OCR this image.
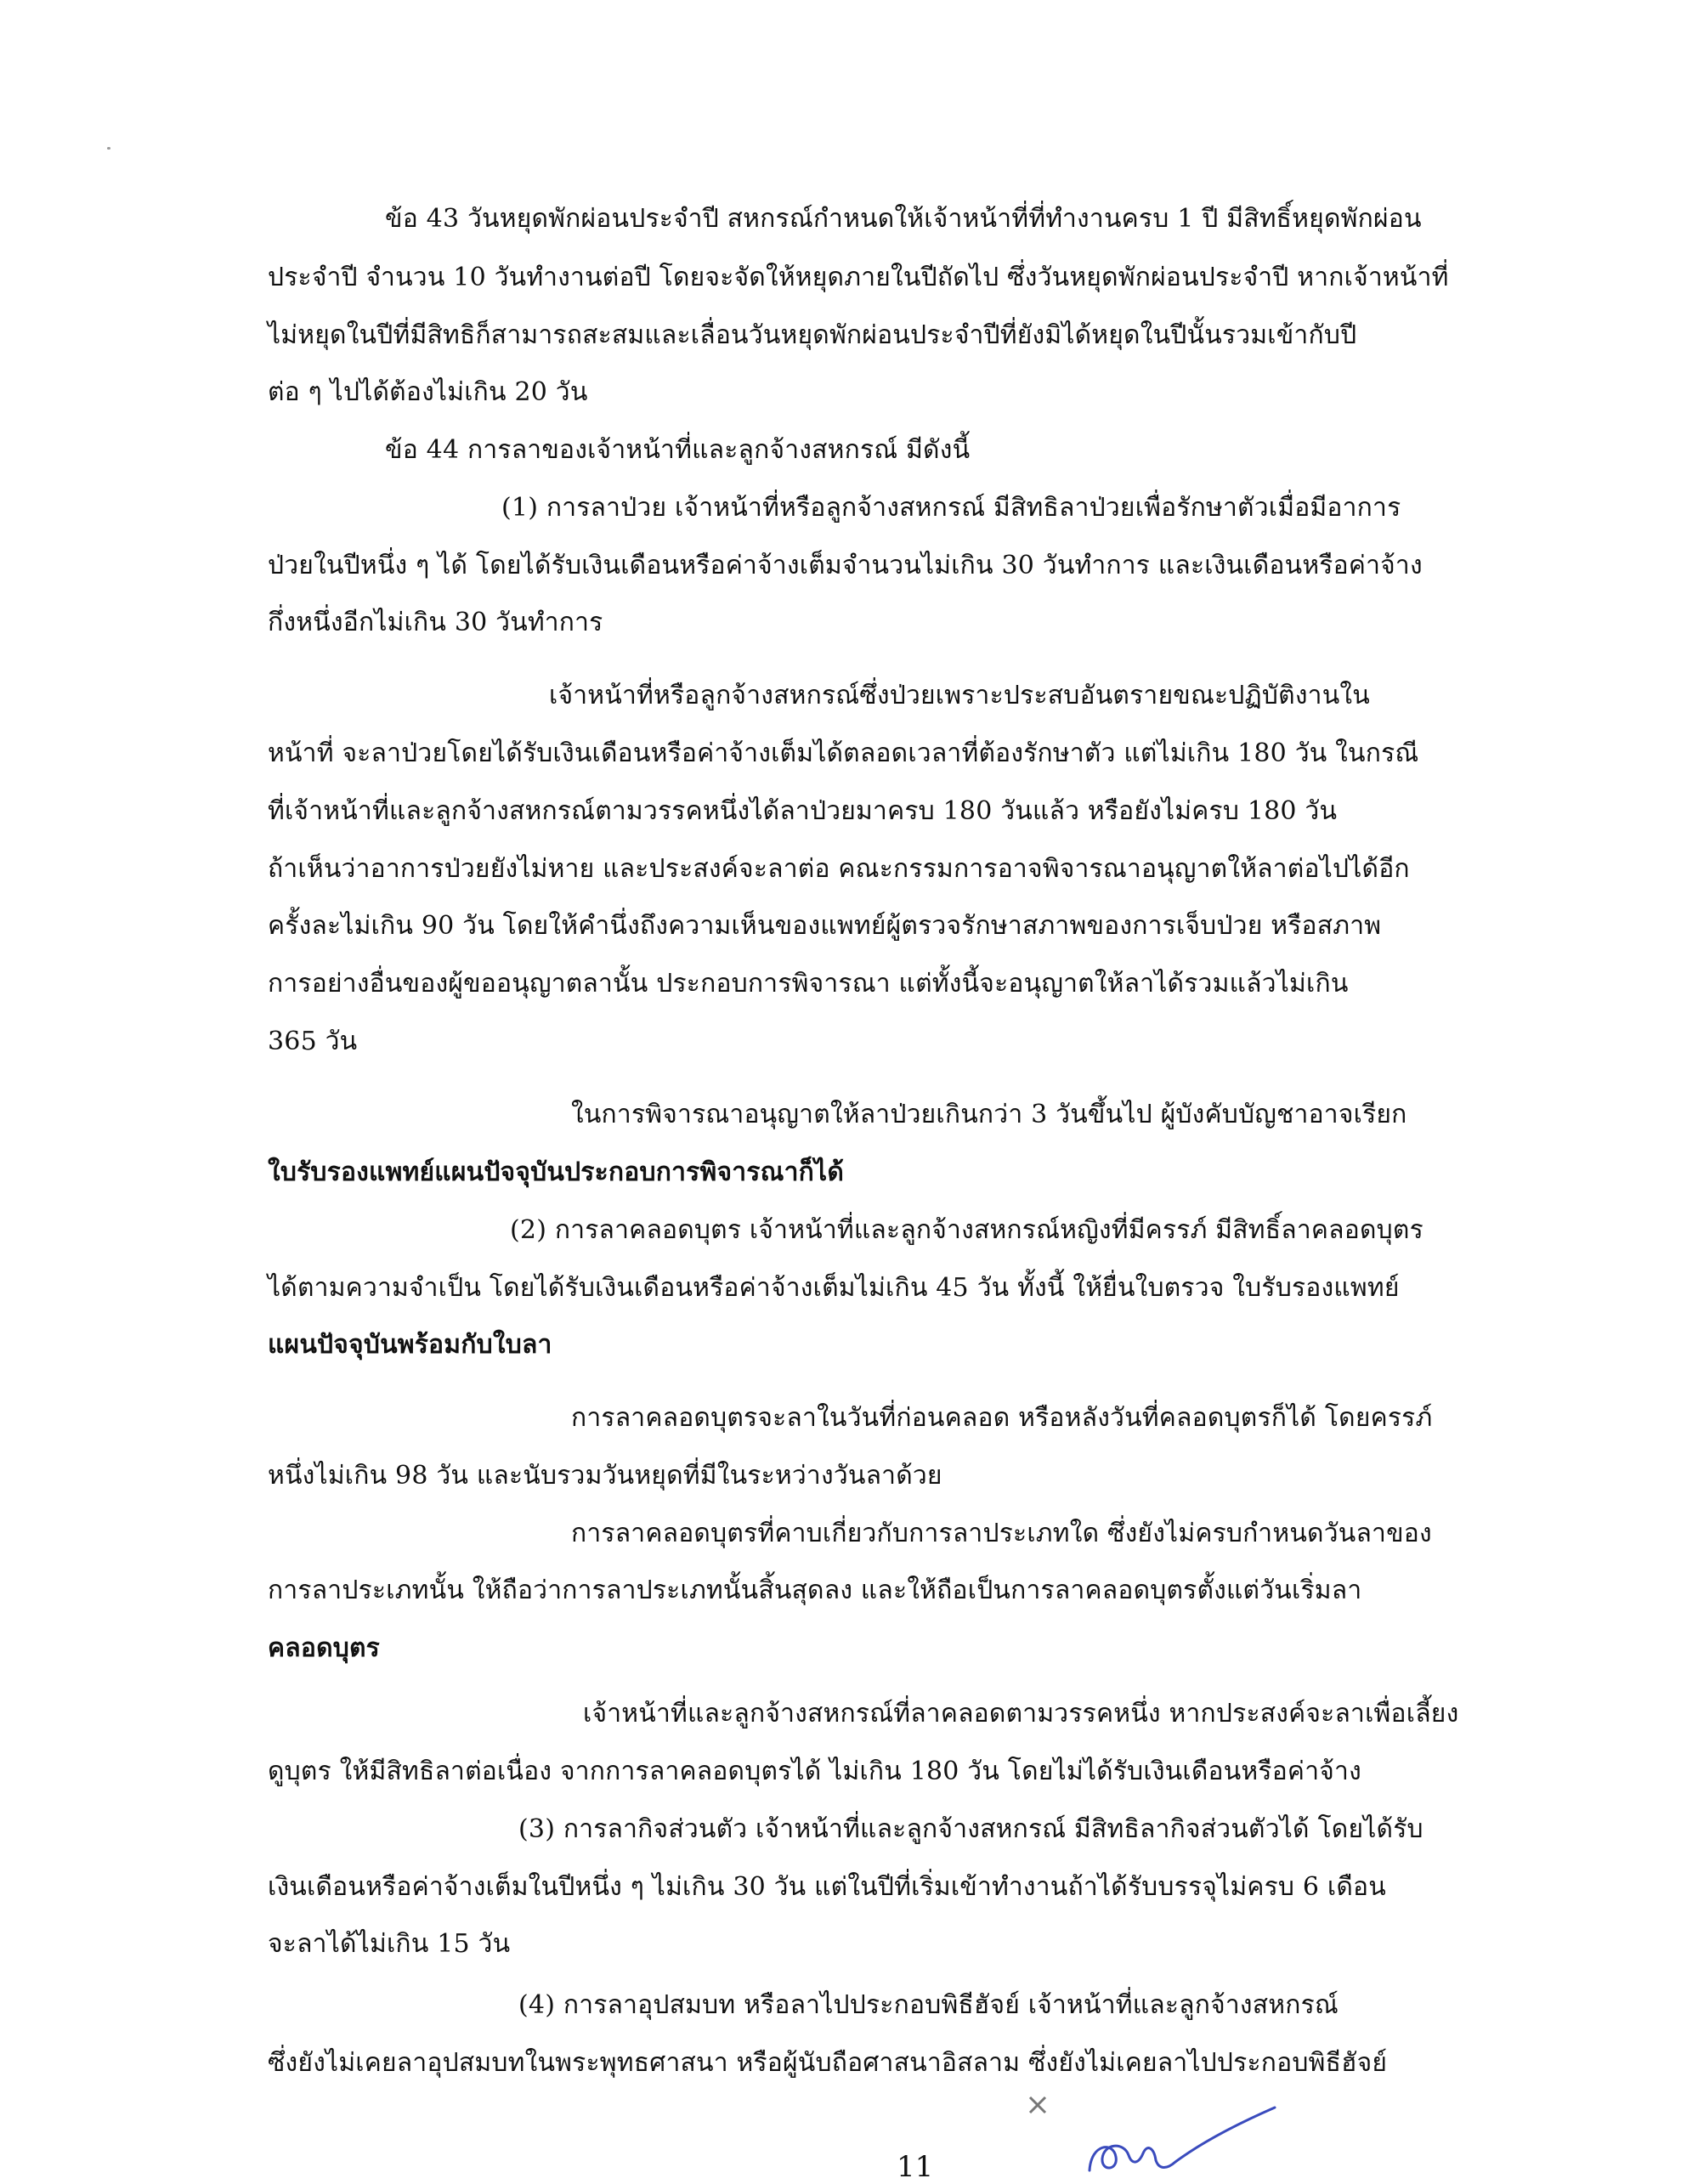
ข้อ 43 วันหยุดพักผ่อนประจำปี สหกรณ์กำหนดให้เจ้าหน้าที่ที่ทำงานครบ 1 ปี มีสิทธิ์หยุดพักผ่อน
ประจำปี จำนวน 10 วันทำงานต่อปี โดยจะจัดให้หยุดภายในปีถัดไป ซึ่งวันหยุดพักผ่อนประจำปี หากเจ้าหน้าที่
ไม่หยุดในปีที่มีสิทธิก็สามารถสะสมและเลื่อนวันหยุดพักผ่อนประจำปีที่ยังมิได้หยุดในปีนั้นรวมเข้ากับปี
ต่อ ๆ ไปได้ต้องไม่เกิน 20 วัน
ข้อ 44 การลาของเจ้าหน้าที่และลูกจ้างสหกรณ์ มีดังนี้
(1) การลาป่วย เจ้าหน้าที่หรือลูกจ้างสหกรณ์ มีสิทธิลาป่วยเพื่อรักษาตัวเมื่อมีอาการ
ป่วยในปีหนึ่ง ๆ ได้ โดยได้รับเงินเดือนหรือค่าจ้างเต็มจำนวนไม่เกิน 30 วันทำการ และเงินเดือนหรือค่าจ้าง
กึ่งหนึ่งอีกไม่เกิน 30 วันทำการ
เจ้าหน้าที่หรือลูกจ้างสหกรณ์ซึ่งป่วยเพราะประสบอันตรายขณะปฏิบัติงานใน
หน้าที่ จะลาป่วยโดยได้รับเงินเดือนหรือค่าจ้างเต็มได้ตลอดเวลาที่ต้องรักษาตัว แต่ไม่เกิน 180 วัน ในกรณี
ที่เจ้าหน้าที่และลูกจ้างสหกรณ์ตามวรรคหนึ่งได้ลาป่วยมาครบ 180 วันแล้ว หรือยังไม่ครบ 180 วัน
ถ้าเห็นว่าอาการป่วยยังไม่หาย และประสงค์จะลาต่อ คณะกรรมการอาจพิจารณาอนุญาตให้ลาต่อไปได้อีก
ครั้งละไม่เกิน 90 วัน โดยให้คำนึ่งถึงความเห็นของแพทย์ผู้ตรวจรักษาสภาพของการเจ็บป่วย หรือสภาพ
การอย่างอื่นของผู้ขออนุญาตลานั้น ประกอบการพิจารณา แต่ทั้งนี้จะอนุญาตให้ลาได้รวมแล้วไม่เกิน
365 วัน
ในการพิจารณาอนุญาตให้ลาป่วยเกินกว่า 3 วันขึ้นไป ผู้บังคับบัญชาอาจเรียก
ใบรับรองแพทย์แผนปัจจุบันประกอบการพิจารณาก็ได้
(2) การลาคลอดบุตร เจ้าหน้าที่และลูกจ้างสหกรณ์หญิงที่มีครรภ์ มีสิทธิ์ลาคลอดบุตร
ได้ตามความจำเป็น โดยได้รับเงินเดือนหรือค่าจ้างเต็มไม่เกิน 45 วัน ทั้งนี้ ให้ยื่นใบตรวจ ใบรับรองแพทย์
แผนปัจจุบันพร้อมกับใบลา
การลาคลอดบุตรจะลาในวันที่ก่อนคลอด หรือหลังวันที่คลอดบุตรก็ได้ โดยครรภ์
หนึ่งไม่เกิน 98 วัน และนับรวมวันหยุดที่มีในระหว่างวันลาด้วย
การลาคลอดบุตรที่คาบเกี่ยวกับการลาประเภทใด ซึ่งยังไม่ครบกำหนดวันลาของ
การลาประเภทนั้น ให้ถือว่าการลาประเภทนั้นสิ้นสุดลง และให้ถือเป็นการลาคลอดบุตรตั้งแต่วันเริ่มลา
คลอดบุตร
เจ้าหน้าที่และลูกจ้างสหกรณ์ที่ลาคลอดตามวรรคหนึ่ง หากประสงค์จะลาเพื่อเลี้ยง
ดูบุตร ให้มีสิทธิลาต่อเนื่อง จากการลาคลอดบุตรได้ ไม่เกิน 180 วัน โดยไม่ได้รับเงินเดือนหรือค่าจ้าง
(3) การลากิจส่วนตัว เจ้าหน้าที่และลูกจ้างสหกรณ์ มีสิทธิลากิจส่วนตัวได้ โดยได้รับ
เงินเดือนหรือค่าจ้างเต็มในปีหนึ่ง ๆ ไม่เกิน 30 วัน แต่ในปีที่เริ่มเข้าทำงานถ้าได้รับบรรจุไม่ครบ 6 เดือน
จะลาได้ไม่เกิน 15 วัน
(4) การลาอุปสมบท หรือลาไปประกอบพิธีฮัจย์ เจ้าหน้าที่และลูกจ้างสหกรณ์
ซึ่งยังไม่เคยลาอุปสมบทในพระพุทธศาสนา หรือผู้นับถือศาสนาอิสลาม ซึ่งยังไม่เคยลาไปประกอบพิธีฮัจย์
11
